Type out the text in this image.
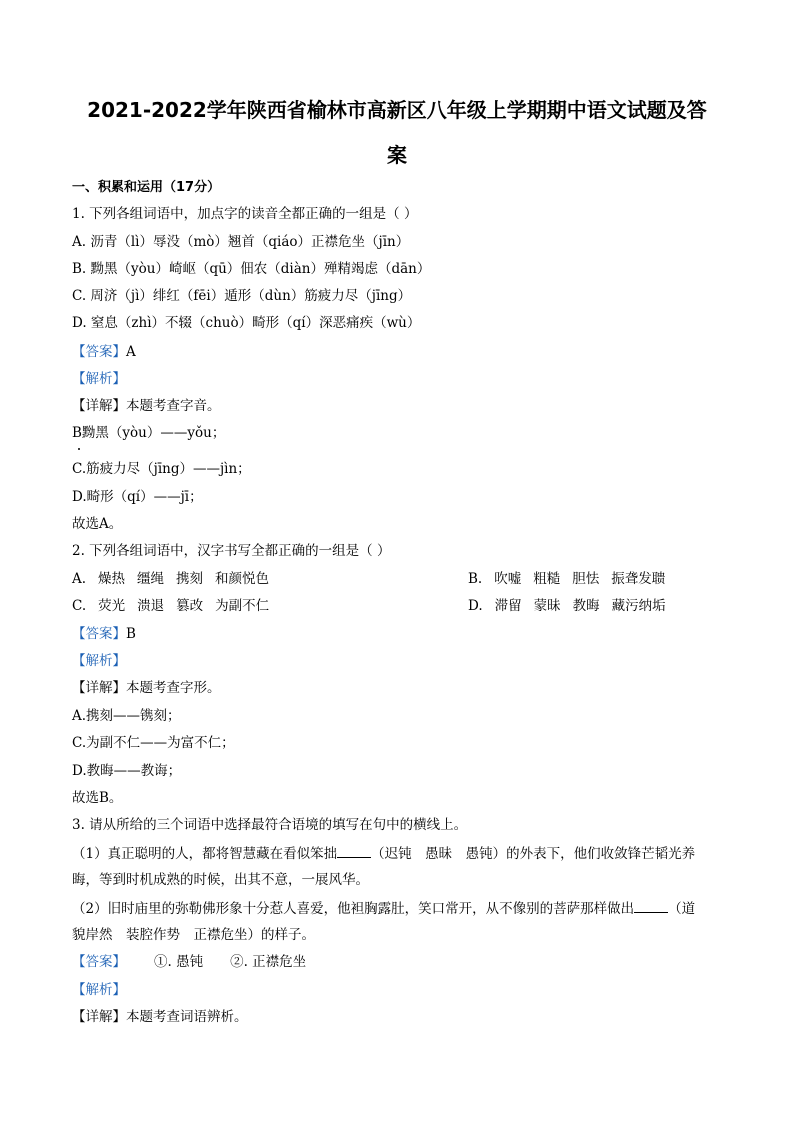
2021-2022学年陕西省榆林市高新区八年级上学期期中语文试题及答
案
一、积累和运用（17分）
1. 下列各组词语中，加点字的读音全都正确的一组是（ ）
A. 沥青（lì）辱没（mò）翘首（qiáo）正襟危坐（jīn）
B. 黝黑（yòu）崎岖（qū）佃农（diàn）殚精竭虑（dān）
C. 周济（jì）绯红（fēi）遁形（dùn）筋疲力尽（jīng）
D. 窒息（zhì）不辍（chuò）畸形（qí）深恶痛疾（wù）
【答案】A
【解析】
【详解】本题考查字音。
B黝黑（yòu）——yǒu；
C.筋疲力尽（jīng）——jìn；
D.畸形（qí）——jī；
故选A。
2. 下列各组词语中，汉字书写全都正确的一组是（ ）
A. 燥热 缰绳 携刻 和颜悦色	B. 吹嘘 粗糙 胆怯 振聋发聩
C. 荧光 溃退 篡改 为副不仁	D. 滞留 蒙昧 教晦 藏污纳垢
【答案】B
【解析】
【详解】本题考查字形。
A.携刻——镌刻；
C.为副不仁——为富不仁；
D.教晦——教诲；
故选B。
3. 请从所给的三个词语中选择最符合语境的填写在句中的横线上。
（1）真正聪明的人，都将智慧藏在看似笨拙	（迟钝　愚昧　愚钝）的外表下，他们收敛锋芒韬光养
晦，等到时机成熟的时候，出其不意，一展风华。
（2）旧时庙里的弥勒佛形象十分惹人喜爱，他袒胸露肚，笑口常开，从不像别的菩萨那样做出	（道
貌岸然　装腔作势　正襟危坐）的样子。
【答案】 ①. 愚钝　　②. 正襟危坐
【解析】
【详解】本题考查词语辨析。
